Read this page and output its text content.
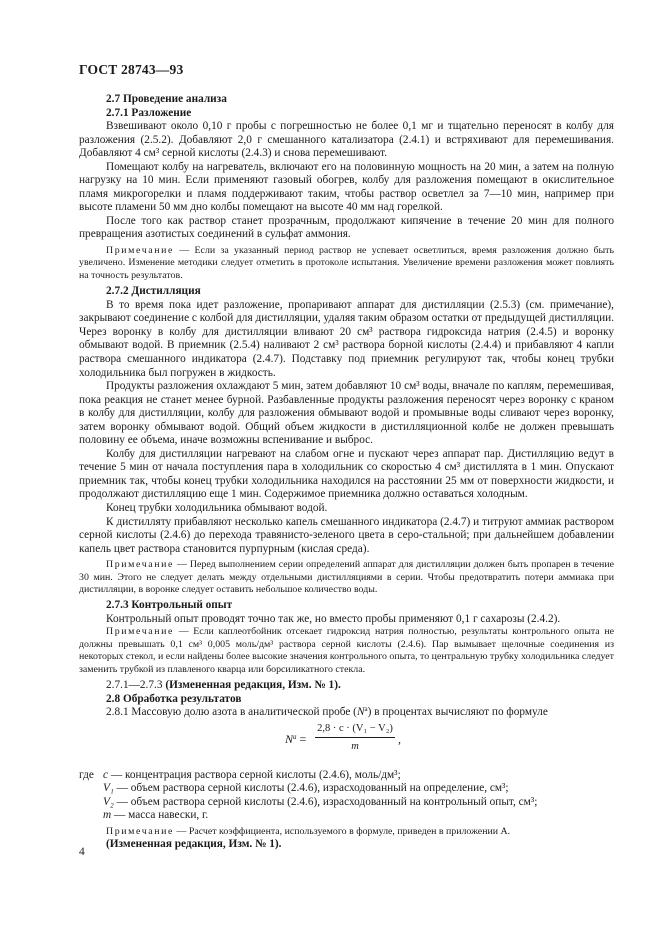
ГОСТ 28743—93

2.7 Проведение анализа

2.7.1 Разложение

Взвешивают около 0,10 г пробы с погрешностью не более 0,1 мг и тщательно переносят в колбу для разложения (2.5.2). Добавляют 2,0 г смешанного катализатора (2.4.1) и встряхивают для перемешивания. Добавляют 4 см³ серной кислоты (2.4.3) и снова перемешивают.

Помещают колбу на нагреватель, включают его на половинную мощность на 20 мин, а затем на полную нагрузку на 10 мин. Если применяют газовый обогрев, колбу для разложения помещают в окислительное пламя микрогорелки и пламя поддерживают таким, чтобы раствор осветлел за 7—10 мин, например при высоте пламени 50 мм дно колбы помещают на высоте 40 мм над горелкой.

После того как раствор станет прозрачным, продолжают кипячение в течение 20 мин для полного превращения азотистых соединений в сульфат аммония.

Примечание — Если за указанный период раствор не успевает осветлиться, время разложения должно быть увеличено. Изменение методики следует отметить в протоколе испытания. Увеличение времени разложения может повлиять на точность результатов.

2.7.2 Дистилляция

В то время пока идет разложение, пропаривают аппарат для дистилляции (2.5.3) (см. примечание), закрывают соединение с колбой для дистилляции, удаляя таким образом остатки от предыдущей дистилляции. Через воронку в колбу для дистилляции вливают 20 см³ раствора гидроксида натрия (2.4.5) и воронку обмывают водой. В приемник (2.5.4) наливают 2 см³ раствора борной кислоты (2.4.4) и прибавляют 4 капли раствора смешанного индикатора (2.4.7). Подставку под приемник регулируют так, чтобы конец трубки холодильника был погружен в жидкость.

Продукты разложения охлаждают 5 мин, затем добавляют 10 см³ воды, вначале по каплям, перемешивая, пока реакция не станет менее бурной. Разбавленные продукты разложения переносят через воронку с краном в колбу для дистилляции, колбу для разложения обмывают водой и промывные воды сливают через воронку, затем воронку обмывают водой. Общий объем жидкости в дистилляционной колбе не должен превышать половину ее объема, иначе возможны вспенивание и выброс.

Колбу для дистилляции нагревают на слабом огне и пускают через аппарат пар. Дистилляцию ведут в течение 5 мин от начала поступления пара в холодильник со скоростью 4 см³ дистиллята в 1 мин. Опускают приемник так, чтобы конец трубки холодильника находился на расстоянии 25 мм от поверхности жидкости, и продолжают дистилляцию еще 1 мин. Содержимое приемника должно оставаться холодным.

Конец трубки холодильника обмывают водой.

К дистилляту прибавляют несколько капель смешанного индикатора (2.4.7) и титруют аммиак раствором серной кислоты (2.4.6) до перехода травянисто-зеленого цвета в серо-стальной; при дальнейшем добавлении капель цвет раствора становится пурпурным (кислая среда).

Примечание — Перед выполнением серии определений аппарат для дистилляции должен быть пропарен в течение 30 мин. Этого не следует делать между отдельными дистилляциями в серии. Чтобы предотвратить потери аммиака при дистилляции, в воронке следует оставить небольшое количество воды.

2.7.3 Контрольный опыт

Контрольный опыт проводят точно так же, но вместо пробы применяют 0,1 г сахарозы (2.4.2).

Примечание — Если каплеотбойник отсекает гидроксид натрия полностью, результаты контрольного опыта не должны превышать 0,1 см³ 0,005 моль/дм³ раствора серной кислоты (2.4.6). Пар вымывает щелочные соединения из некоторых стекол, и если найдены более высокие значения контрольного опыта, то центральную трубку холодильника следует заменить трубкой из плавленого кварца или борсиликатного стекла.

2.7.1—2.7.3 (Измененная редакция, Изм. № 1).

2.8 Обработка результатов

2.8.1 Массовую долю азота в аналитической пробе $(N^a)$ в процентах вычисляют по формуле

$N^a = \frac{\text{2,8 · c · (V₁ − V₂)}}{m}$ ,
где c — концентрация раствора серной кислоты (2.4.6), моль/дм³;
V₁ — объем раствора серной кислоты (2.4.6), израсходованный на определение, см³;
V₂ — объем раствора серной кислоты (2.4.6), израсходованный на контрольный опыт, см³;
m — масса навески, г.

Примечание — Расчет коэффициента, используемого в формуле, приведен в приложении А.

(Измененная редакция, Изм. № 1).

4
